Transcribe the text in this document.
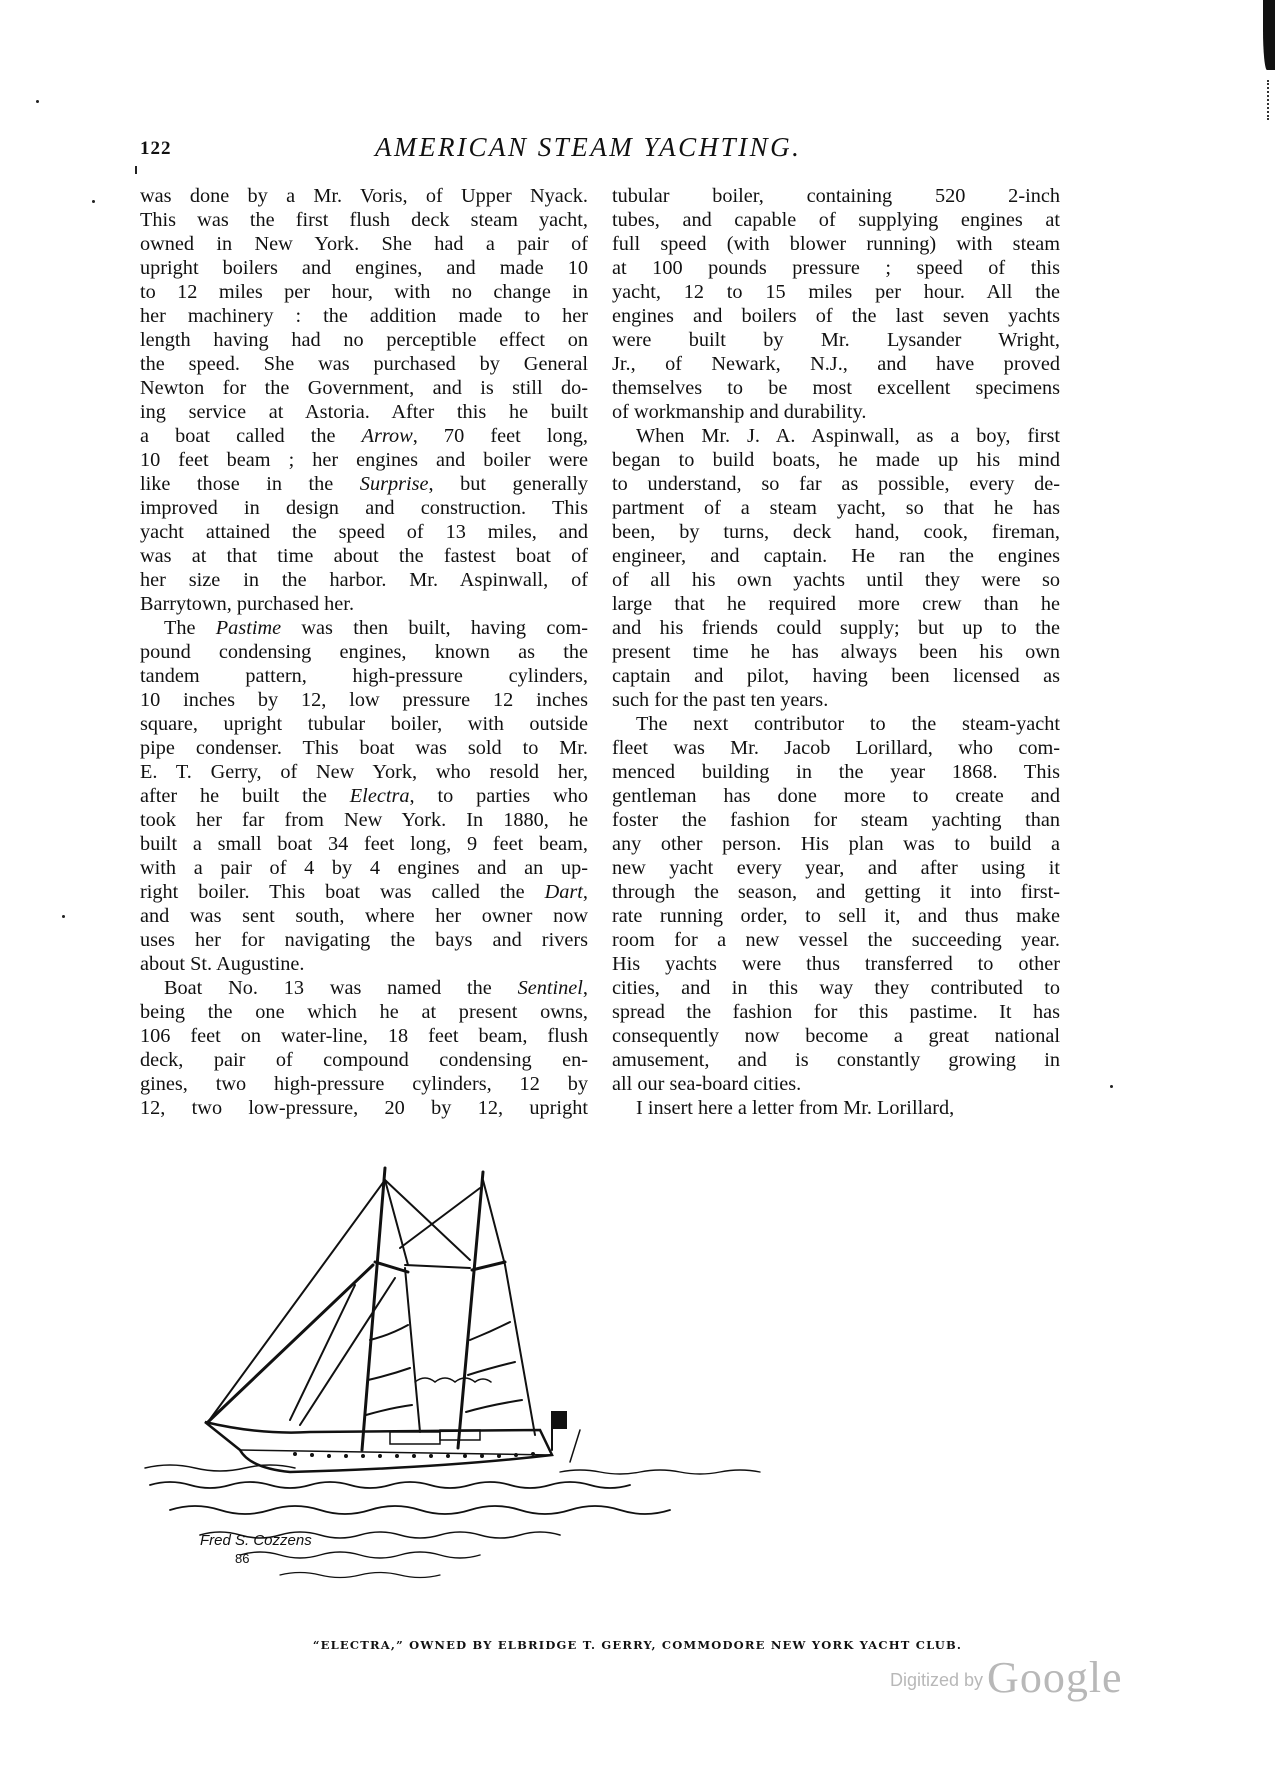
122	AMERICAN STEAM YACHTING.
was done by a Mr. Voris, of Upper Nyack.
This was the first flush deck steam yacht,
owned in New York. She had a pair of
upright boilers and engines, and made 10
to 12 miles per hour, with no change in
her machinery : the addition made to her
length having had no perceptible effect on
the speed. She was purchased by General
Newton for the Government, and is still do-
ing service at Astoria. After this he built
a boat called the Arrow, 70 feet long,
10 feet beam ; her engines and boiler were
like those in the Surprise, but generally
improved in design and construction. This
yacht attained the speed of 13 miles, and
was at that time about the fastest boat of
her size in the harbor. Mr. Aspinwall, of
Barrytown, purchased her.
The Pastime was then built, having com-
pound condensing engines, known as the
tandem pattern, high-pressure cylinders,
10 inches by 12, low pressure 12 inches
square, upright tubular boiler, with outside
pipe condenser. This boat was sold to Mr.
E. T. Gerry, of New York, who resold her,
after he built the Electra, to parties who
took her far from New York. In 1880, he
built a small boat 34 feet long, 9 feet beam,
with a pair of 4 by 4 engines and an up-
right boiler. This boat was called the Dart,
and was sent south, where her owner now
uses her for navigating the bays and rivers
about St. Augustine.
Boat No. 13 was named the Sentinel,
being the one which he at present owns,
106 feet on water-line, 18 feet beam, flush
deck, pair of compound condensing en-
gines, two high-pressure cylinders, 12 by
12, two low-pressure, 20 by 12, upright
tubular boiler, containing 520 2-inch
tubes, and capable of supplying engines at
full speed (with blower running) with steam
at 100 pounds pressure ; speed of this
yacht, 12 to 15 miles per hour. All the
engines and boilers of the last seven yachts
were built by Mr. Lysander Wright,
Jr., of Newark, N.J., and have proved
themselves to be most excellent specimens
of workmanship and durability.
When Mr. J. A. Aspinwall, as a boy, first
began to build boats, he made up his mind
to understand, so far as possible, every de-
partment of a steam yacht, so that he has
been, by turns, deck hand, cook, fireman,
engineer, and captain. He ran the engines
of all his own yachts until they were so
large that he required more crew than he
and his friends could supply; but up to the
present time he has always been his own
captain and pilot, having been licensed as
such for the past ten years.
The next contributor to the steam-yacht
fleet was Mr. Jacob Lorillard, who com-
menced building in the year 1868. This
gentleman has done more to create and
foster the fashion for steam yachting than
any other person. His plan was to build a
new yacht every year, and after using it
through the season, and getting it into first-
rate running order, to sell it, and thus make
room for a new vessel the succeeding year.
His yachts were thus transferred to other
cities, and in this way they contributed to
spread the fashion for this pastime. It has
consequently now become a great national
amusement, and is constantly growing in
all our sea-board cities.
I insert here a letter from Mr. Lorillard,
Fred S. Cozzens
86
“ELECTRA,” OWNED BY ELBRIDGE T. GERRY, COMMODORE NEW YORK YACHT CLUB.
Digitized by Google
